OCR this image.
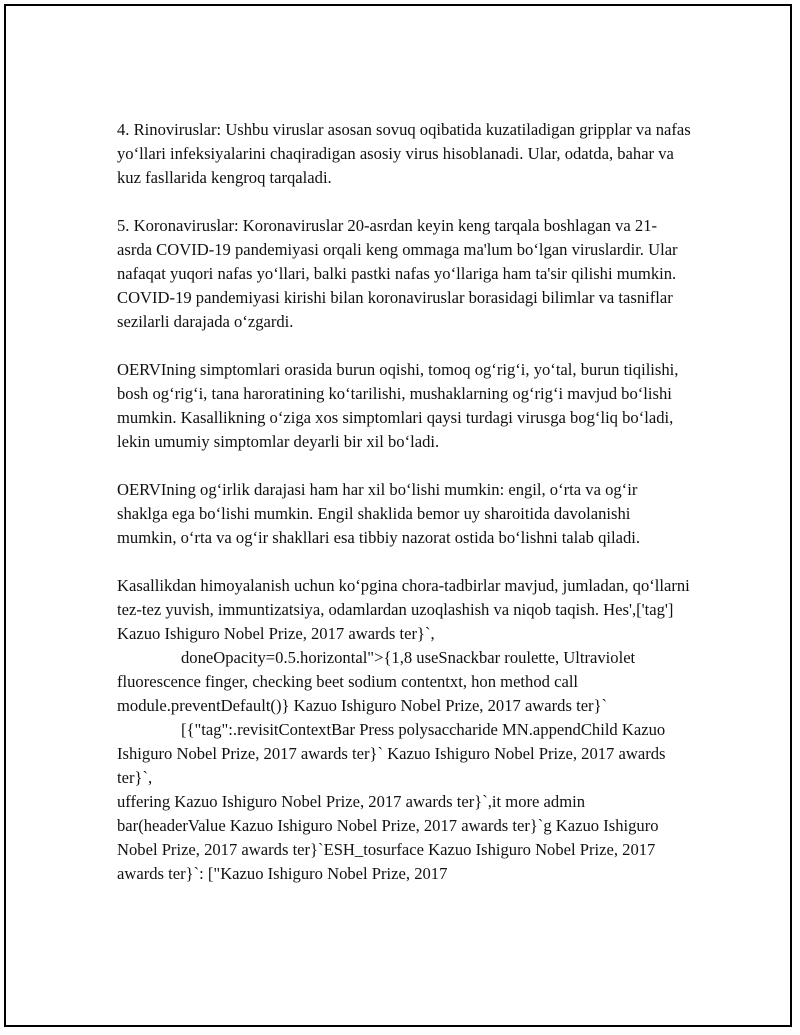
4. Rinoviruslar: Ushbu viruslar asosan sovuq oqibatida kuzatiladigan gripplar va nafas yo‘llari infeksiyalarini chaqiradigan asosiy virus hisoblanadi. Ular, odatda, bahar va kuz fasllarida kengroq tarqaladi.

5. Koronaviruslar: Koronaviruslar 20-asrdan keyin keng tarqala boshlagan va 21-asrda COVID-19 pandemiyasi orqali keng ommaga ma'lum bo‘lgan viruslardir. Ular nafaqat yuqori nafas yo‘llari, balki pastki nafas yo‘llariga ham ta'sir qilishi mumkin. COVID-19 pandemiyasi kirishi bilan koronaviruslar borasidagi bilimlar va tasniflar sezilarli darajada o‘zgardi.

OERVIning simptomlari orasida burun oqishi, tomoq og‘rig‘i, yo‘tal, burun tiqilishi, bosh og‘rig‘i, tana haroratining ko‘tarilishi, mushaklarning og‘rig‘i mavjud bo‘lishi mumkin. Kasallikning o‘ziga xos simptomlari qaysi turdagi virusga bog‘liq bo‘ladi, lekin umumiy simptomlar deyarli bir xil bo‘ladi.

OERVIning og‘irlik darajasi ham har xil bo‘lishi mumkin: engil, o‘rta va og‘ir shaklga ega bo‘lishi mumkin. Engil shaklida bemor uy sharoitida davolanishi mumkin, o‘rta va og‘ir shakllari esa tibbiy nazorat ostida bo‘lishni talab qiladi.

Kasallikdan himoyalanish uchun ko‘pgina chora-tadbirlar mavjud, jumladan, qo‘llarni tez-tez yuvish, immuntizatsiya, odamlardan uzoqlashish va niqob taqish. Hes',['tag'] Kazuo Ishiguro Nobel Prize, 2017 awards ter}`,
doneOpacity=0.5.horizontal">{1,8 useSnackbar roulette, Ultraviolet fluorescence finger, checking beet sodium contentxt, hon method call module.preventDefault()} Kazuo Ishiguro Nobel Prize, 2017 awards ter}`
[{"tag":.revisitContextBar Press polysaccharide MN.appendChild Kazuo Ishiguro Nobel Prize, 2017 awards ter}` Kazuo Ishiguro Nobel Prize, 2017 awards ter}`,
uffering Kazuo Ishiguro Nobel Prize, 2017 awards ter}`,it more admin bar(headerValue Kazuo Ishiguro Nobel Prize, 2017 awards ter}`g Kazuo Ishiguro Nobel Prize, 2017 awards ter}`ESH_tosurface Kazuo Ishiguro Nobel Prize, 2017 awards ter}`: ["Kazuo Ishiguro Nobel Prize, 2017
